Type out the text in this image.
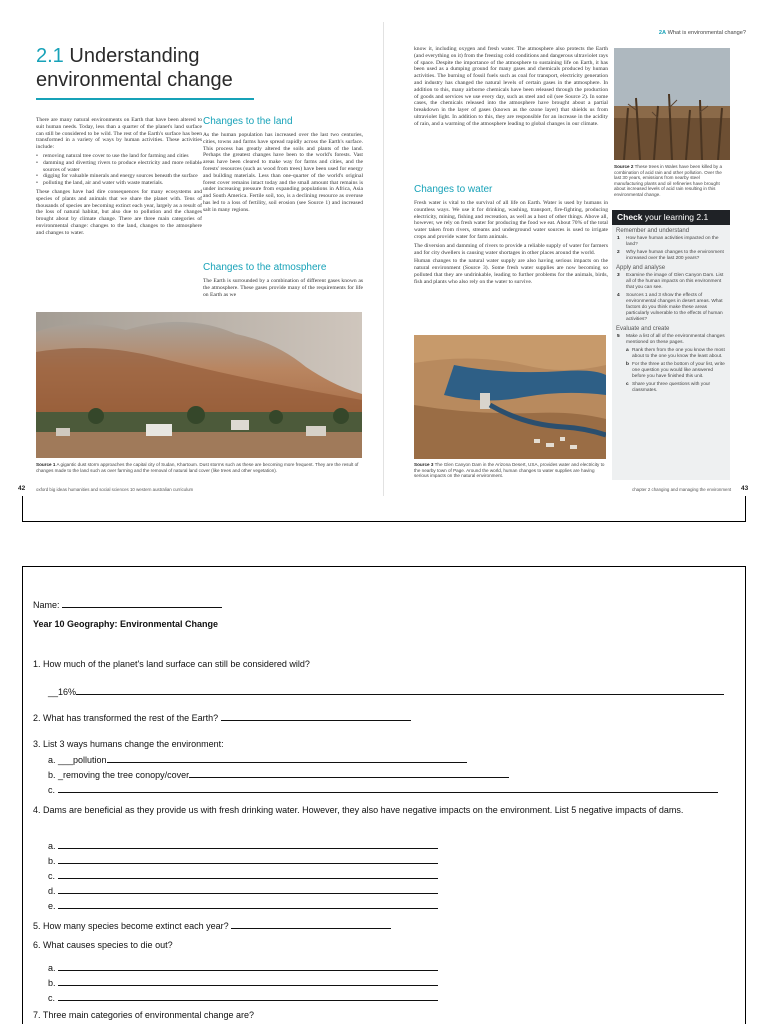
2.1 Understanding environmental change

There are many natural environments on Earth that have been altered to suit human needs. Today, less than a quarter of the planet's land surface can still be considered to be wild. The rest of the Earth's surface has been transformed in a variety of ways by human activities. These activities include:

• removing natural tree cover to use the land for farming and cities
• damming and diverting rivers to produce electricity and more reliable sources of water
• digging for valuable minerals and energy sources beneath the surface
• polluting the land, air and water with waste materials.

These changes have had dire consequences for many ecosystems and species of plants and animals that we share the planet with. Tens of thousands of species are becoming extinct each year, largely as a result of the loss of natural habitat, but also due to pollution and the changes brought about by climate change. There are three main categories of environmental change: changes to the land, changes to the atmosphere and changes to water.

Changes to the land

As the human population has increased over the last two centuries, cities, towns and farms have spread rapidly across the Earth's surface. This process has greatly altered the soils and plants of the land. Perhaps the greatest changes have been to the world's forests. Vast areas have been cleared to make way for farms and cities, and the forests' resources (such as wood from trees) have been used for energy and building materials. Less than one-quarter of the world's original forest cover remains intact today and the small amount that remains is under increasing pressure from expanding populations in Africa, Asia and South America. Fertile soil, too, is a declining resource as overuse has led to a loss of fertility, soil erosion (see Source 1) and increased salt in many regions.

Changes to the atmosphere

The Earth is surrounded by a combination of different gases known as the atmosphere. These gases provide many of the requirements for life on Earth as we

Source 1 A gigantic dust storm approaches the capital city of Sudan, Khartoum. Dust storms such as these are becoming more frequent. They are the result of changes made to the land such as over farming and the removal of natural land cover (like trees and other vegetation).
42 oxford big ideas humanities and social sciences 10 western australian curriculum
2A What is environmental change?

know it, including oxygen and fresh water. The atmosphere also protects the Earth (and everything on it) from the freezing cold conditions and dangerous ultraviolet rays of space. Despite the importance of the atmosphere to sustaining life on Earth, it has been used as a dumping ground for many gases and chemicals produced by human activities. The burning of fossil fuels such as coal for transport, electricity generation and industry has changed the natural levels of certain gases in the atmosphere. In addition to this, many airborne chemicals have been released through the production of goods and services we use every day, such as steel and oil (see Source 2). In some cases, the chemicals released into the atmosphere have brought about a partial breakdown in the layer of gases (known as the ozone layer) that shields us from ultraviolet light. In addition to this, they are responsible for an increase in the acidity of rain, and a warming of the atmosphere leading to global changes in our climate.

Changes to water

Fresh water is vital to the survival of all life on Earth. Water is used by humans in countless ways. We use it for drinking, washing, transport, fire-fighting, producing electricity, mining, fishing and recreation, as well as a host of other things. Above all, however, we rely on fresh water for producing the food we eat. About 70% of the total water taken from rivers, streams and underground water sources is used to irrigate crops and provide water for farm animals.

The diversion and damming of rivers to provide a reliable supply of water for farmers and for city dwellers is causing water shortages in other places around the world.

Human changes to the natural water supply are also having serious impacts on the natural environment (Source 3). Some fresh water supplies are now becoming so polluted that they are undrinkable, leading to further problems for the animals, birds, fish and plants who also rely on the water to survive.

Source 2 These trees in Wales have been killed by a combination of acid rain and other pollution. Over the last 30 years, emissions from nearby steel manufacturing plants and oil refineries have brought about increased levels of acid rain resulting in this environmental change.
Check your learning 2.1
Remember and understand
1 How have human activities impacted on the land?
2 Why have human changes to the environment increased over the last 200 years?
Apply and analyse
3 Examine the image of Glen Canyon Dam. List all of the human impacts on this environment that you can see.
4 Sources 1 and 3 show the effects of environmental changes in desert areas. What factors do you think make these areas particularly vulnerable to the effects of human activities?
Evaluate and create
5 Make a list of all of the environmental changes mentioned on these pages.
a Rank them from the one you know the most about to the one you know the least about.
b For the three at the bottom of your list, write one question you would like answered before you have finished this unit.
c Share your three questions with your classmates.
Source 3 The Glen Canyon Dam in the Arizona Desert, USA, provides water and electricity to the nearby town of Page. Around the world, human changes to water supplies are having serious impacts on the natural environment.
chapter 2 changing and managing the environment 43
Name:
Year 10 Geography: Environmental Change
1. How much of the planet's land surface can still be considered wild?
__16%
2. What has transformed the rest of the Earth?
3. List 3 ways humans change the environment:
a. ___pollution
b. _removing the tree conopy/cover
c.
4. Dams are beneficial as they provide us with fresh drinking water. However, they also have negative impacts on the environment. List 5 negative impacts of dams.
a.
b.
c.
d.
e.
5. How many species become extinct each year?
6. What causes species to die out?
a.
b.
c.
7. Three main categories of environmental change are?
